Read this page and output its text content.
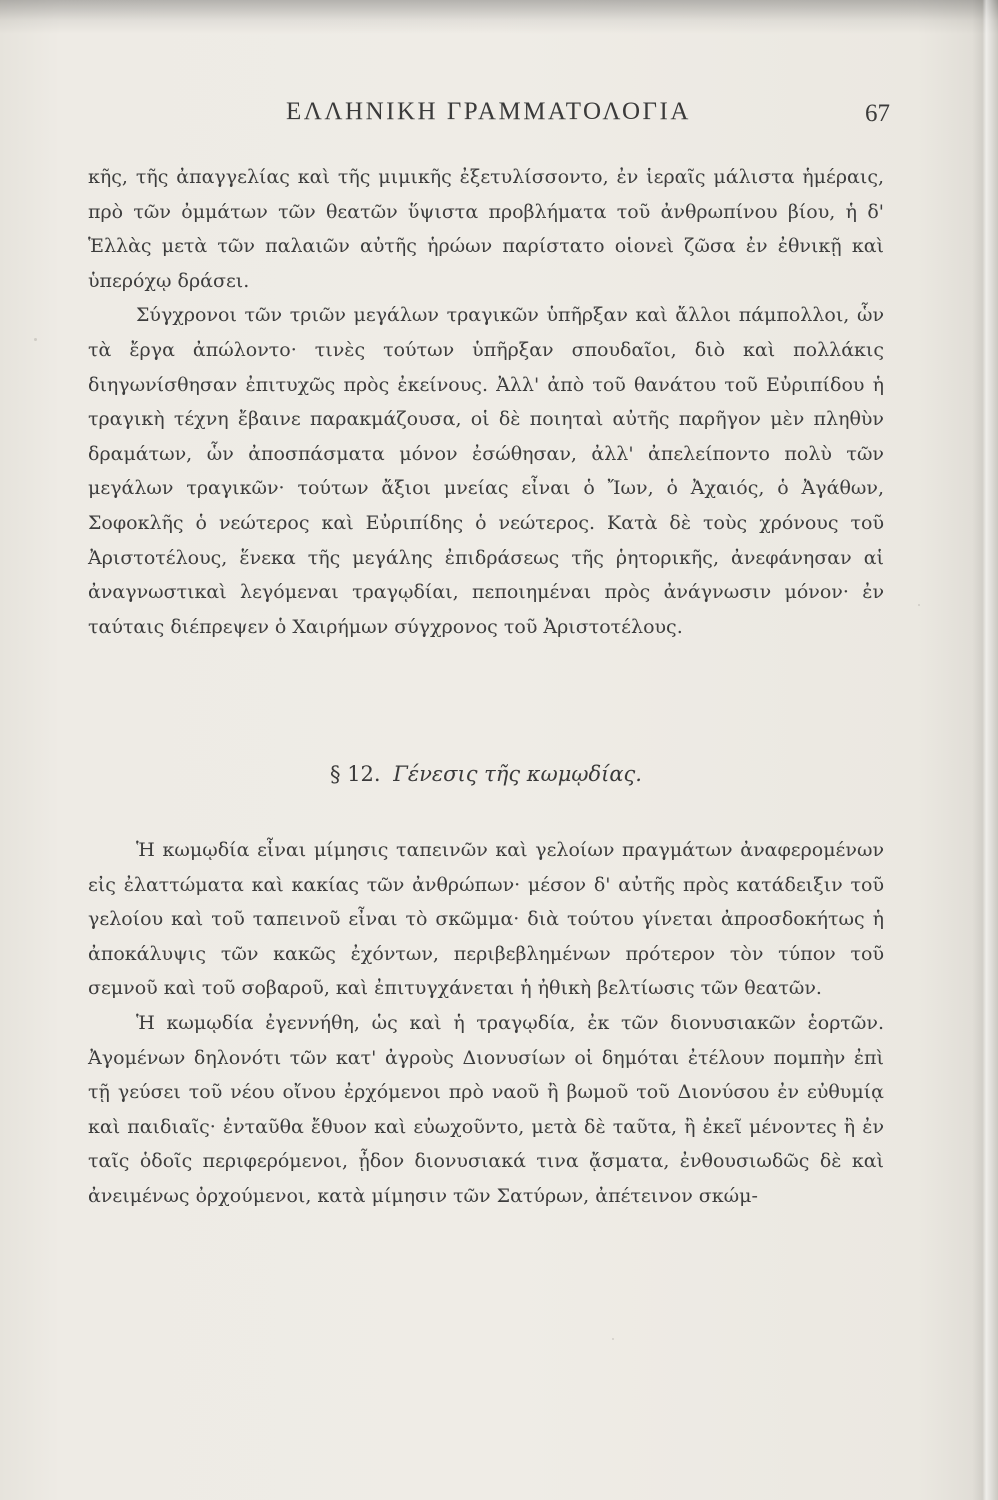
ΕΛΛΗΝΙΚΗ ΓΡΑΜΜΑΤΟΛΟΓΙΑ	67

κῆς, τῆς ἀπαγγελίας καὶ τῆς μιμικῆς ἐξετυλίσσοντο, ἐν ἱεραῖς μάλιστα ἡμέραις, πρὸ τῶν ὀμμάτων τῶν θεατῶν ὕψιστα προβλήματα τοῦ ἀνθρωπίνου βίου, ἡ δ' Ἑλλὰς μετὰ τῶν παλαιῶν αὐτῆς ἡρώων παρίστατο οἱονεὶ ζῶσα ἐν ἐθνικῇ καὶ ὑπερόχῳ δράσει.

Σύγχρονοι τῶν τριῶν μεγάλων τραγικῶν ὑπῆρξαν καὶ ἄλλοι πάμπολλοι, ὧν τὰ ἔργα ἀπώλοντο· τινὲς τούτων ὑπῆρξαν σπουδαῖοι, διὸ καὶ πολλάκις διηγωνίσθησαν ἐπιτυχῶς πρὸς ἐκείνους. Ἀλλ' ἀπὸ τοῦ θανάτου τοῦ Εὐριπίδου ἡ τραγικὴ τέχνη ἔβαινε παρακμάζουσα, οἱ δὲ ποιηταὶ αὐτῆς παρῆγον μὲν πληθὺν δραμάτων, ὧν ἀποσπάσματα μόνον ἐσώθησαν, ἀλλ' ἀπελείποντο πολὺ τῶν μεγάλων τραγικῶν· τούτων ἄξιοι μνείας εἶναι ὁ Ἴων, ὁ Ἀχαιός, ὁ Ἀγάθων, Σοφοκλῆς ὁ νεώτερος καὶ Εὐριπίδης ὁ νεώτερος. Κατὰ δὲ τοὺς χρόνους τοῦ Ἀριστοτέλους, ἕνεκα τῆς μεγάλης ἐπιδράσεως τῆς ῥητορικῆς, ἀνεφάνησαν αἱ ἀναγνωστικαὶ λεγόμεναι τραγῳδίαι, πεποιημέναι πρὸς ἀνάγνωσιν μόνον· ἐν ταύταις διέπρεψεν ὁ Χαιρήμων σύγχρονος τοῦ Ἀριστοτέλους.

§ 12. Γένεσις τῆς κωμῳδίας.

Ἡ κωμῳδία εἶναι μίμησις ταπεινῶν καὶ γελοίων πραγμάτων ἀναφερομένων εἰς ἐλαττώματα καὶ κακίας τῶν ἀνθρώπων· μέσον δ' αὐτῆς πρὸς κατάδειξιν τοῦ γελοίου καὶ τοῦ ταπεινοῦ εἶναι τὸ σκῶμμα· διὰ τούτου γίνεται ἀπροσδοκήτως ἡ ἀποκάλυψις τῶν κακῶς ἐχόντων, περιβεβλημένων πρότερον τὸν τύπον τοῦ σεμνοῦ καὶ τοῦ σοβαροῦ, καὶ ἐπιτυγχάνεται ἡ ἠθικὴ βελτίωσις τῶν θεατῶν.

Ἡ κωμῳδία ἐγεννήθη, ὡς καὶ ἡ τραγῳδία, ἐκ τῶν διονυσιακῶν ἑορτῶν. Ἀγομένων δηλονότι τῶν κατ' ἀγροὺς Διονυσίων οἱ δημόται ἐτέλουν πομπὴν ἐπὶ τῇ γεύσει τοῦ νέου οἴνου ἐρχόμενοι πρὸ ναοῦ ἢ βωμοῦ τοῦ Διονύσου ἐν εὐθυμίᾳ καὶ παιδιαῖς· ἐνταῦθα ἔθυον καὶ εὐωχοῦντο, μετὰ δὲ ταῦτα, ἢ ἐκεῖ μένοντες ἢ ἐν ταῖς ὁδοῖς περιφερόμενοι, ᾖδον διονυσιακά τινα ᾄσματα, ἐνθουσιωδῶς δὲ καὶ ἀνειμένως ὀρχούμενοι, κατὰ μίμησιν τῶν Σατύρων, ἀπέτεινον σκώμ-
